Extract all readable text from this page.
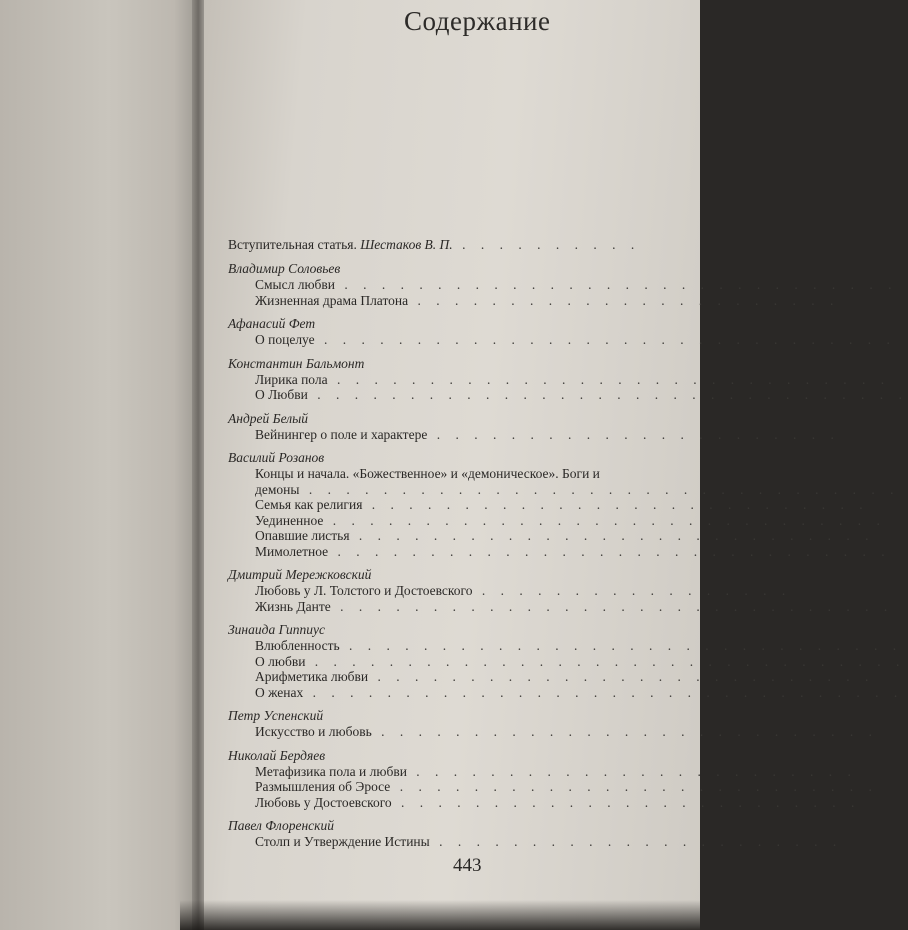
Содержание
Вступительная статья. Шестаков В. П. . . . . . . . . . .
Владимир Соловьев
Смысл любви . . . . . . . . . . . . . . . . . . . . . . . . . . . . . .
Жизненная драма Платона . . . . . . . . . . . . . . . . . . . . . . .
Афанасий Фет
О поцелуе . . . . . . . . . . . . . . . . . . . . . . . . . . . . . . .
Константин Бальмонт
Лирика пола . . . . . . . . . . . . . . . . . . . . . . . . . . . . . .
О Любви . . . . . . . . . . . . . . . . . . . . . . . . . . . . . . . .
Андрей Белый
Вейнингер о поле и характере . . . . . . . . . . . . . . . . . . . . . .
Василий Розанов
Концы и начала. «Божественное» и «демоническое». Боги и
демоны . . . . . . . . . . . . . . . . . . . . . . . . . . . . . . . .
Семья как религия . . . . . . . . . . . . . . . . . . . . . . . . . . .
Уединенное . . . . . . . . . . . . . . . . . . . . . . . . . . . . . .
Опавшие листья . . . . . . . . . . . . . . . . . . . . . . . . . . . .
Мимолетное . . . . . . . . . . . . . . . . . . . . . . . . . . . . . .
Дмитрий Мережковский
Любовь у Л. Толстого и Достоевского . . . . . . . . . . . . . . . . .
Жизнь Данте . . . . . . . . . . . . . . . . . . . . . . . . . . . . . .
Зинаида Гиппиус
Влюбленность . . . . . . . . . . . . . . . . . . . . . . . . . . . . . .
О любви . . . . . . . . . . . . . . . . . . . . . . . . . . . . . . . .
Арифметика любви . . . . . . . . . . . . . . . . . . . . . . . . . . .
О женах . . . . . . . . . . . . . . . . . . . . . . . . . . . . . . . .
Петр Успенский
Искусство и любовь . . . . . . . . . . . . . . . . . . . . . . . . . . .
Николай Бердяев
Метафизика пола и любви . . . . . . . . . . . . . . . . . . . . . . . .
Размышления об Эросе . . . . . . . . . . . . . . . . . . . . . . . . . .
Любовь у Достоевского . . . . . . . . . . . . . . . . . . . . . . . . .
Павел Флоренский
Столп и Утверждение Истины . . . . . . . . . . . . . . . . . . . . . .
443
